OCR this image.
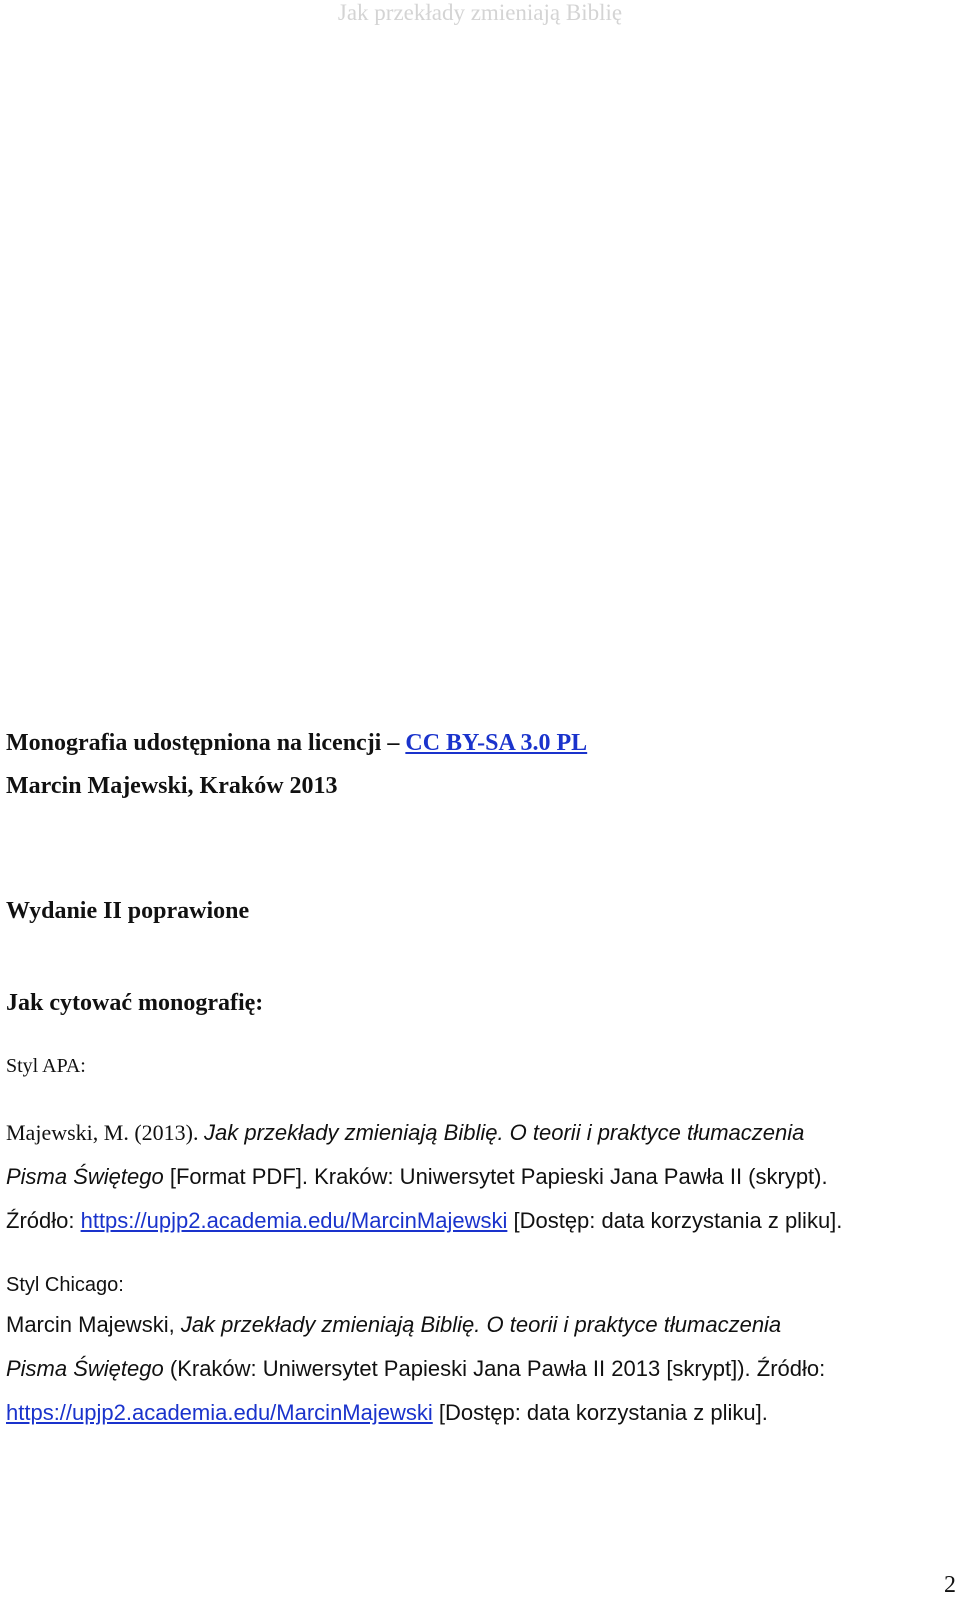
Jak przekłady zmieniają Biblię
Monografia udostępniona na licencji – CC BY-SA 3.0 PL
Marcin Majewski, Kraków 2013
Wydanie II poprawione
Jak cytować monografię:
Styl APA:
Majewski, M. (2013). Jak przekłady zmieniają Biblię. O teorii i praktyce tłumaczenia
Pisma Świętego [Format PDF]. Kraków: Uniwersytet Papieski Jana Pawła II (skrypt).
Źródło: https://upjp2.academia.edu/MarcinMajewski [Dostęp: data korzystania z pliku].
Styl Chicago:
Marcin Majewski, Jak przekłady zmieniają Biblię. O teorii i praktyce tłumaczenia
Pisma Świętego (Kraków: Uniwersytet Papieski Jana Pawła II 2013 [skrypt]). Źródło:
https://upjp2.academia.edu/MarcinMajewski [Dostęp: data korzystania z pliku].
2
